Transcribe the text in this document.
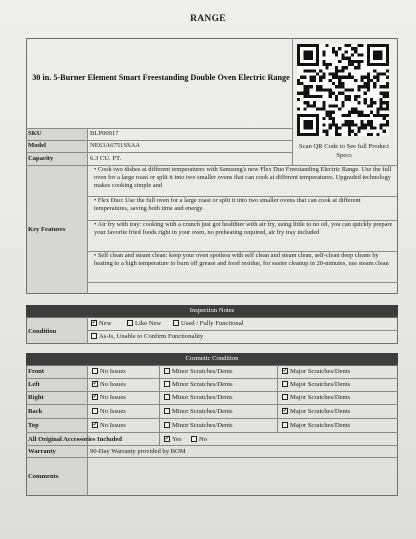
RANGE
30 in. 5-Burner Element Smart Freestanding Double Oven Electric Range
Scan QR Code to See full Product Specs
SKU	BLP00917
Model	NE63A6751SSAA
Capacity	6.3 CU. FT.
Key Features
• Cook two dishes at different temperatures with Samsung's new Flex Duo Freestanding Electric Range. Use the full oven for a large roast or split it into two smaller ovens that can cook at different temperatures. Upgraded technology makes cooking simple and
• Flex Duo: Use the full oven for a large roast or split it into two smaller ovens that can cook at different temperatures, saving both time and energy.
• Air fry with tray: cooking with a crunch just got healthier with air fry, using little to no oil, you can quickly prepare your favorite fried foods right in your oven, no preheating required, air fry tray included
• Self clean and steam clean: keep your oven spotless with self clean and steam clean, self-clean deep cleans by heating to a high temperature to burn off grease and food residue, for easier cleanup in 20-minutes, use steam clean
Inspection Notes
Condition
✓New	Like New	Used / Fully Functional
As-Is, Unable to Confirm Functionality
Cosmetic Condition
Front	No Issues	Minor Scratches/Dents ✓	Major Scratches/Dents
Left ✓	No Issues	Minor Scratches/Dents	Major Scratches/Dents
Right ✓	No Issues	Minor Scratches/Dents	Major Scratches/Dents
Back	No Issues	Minor Scratches/Dents ✓	Major Scratches/Dents
Top ✓	No Issues	Minor Scratches/Dents	Major Scratches/Dents
All Original Accessories Included ✓	Yes	No
Warranty	90-Day Warranty provided by BOM
Comments
